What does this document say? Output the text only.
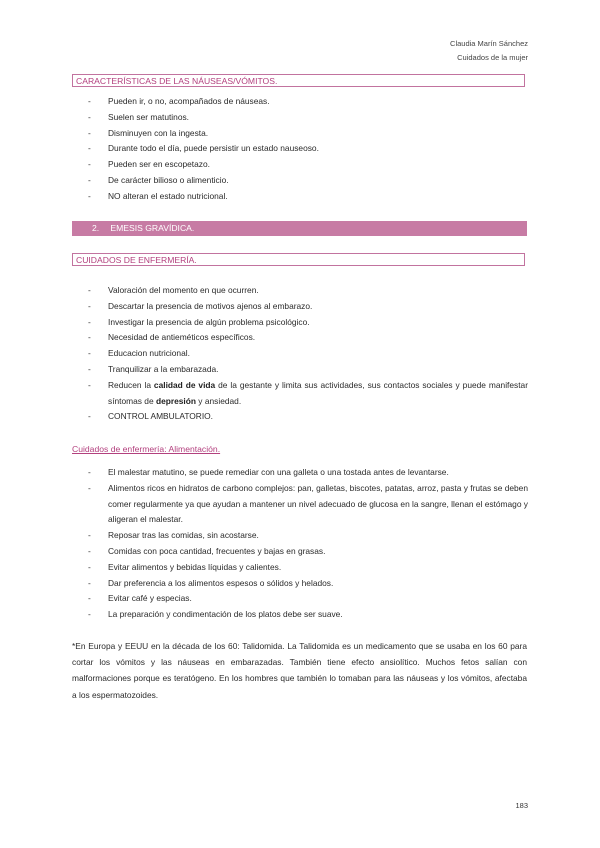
Claudia Marín Sánchez
Cuidados de la mujer
CARACTERÍSTICAS DE LAS NÁUSEAS/VÓMITOS.
- Pueden ir, o no, acompañados de náuseas.
- Suelen ser matutinos.
- Disminuyen con la ingesta.
- Durante todo el día, puede persistir un estado nauseoso.
- Pueden ser en escopetazo.
- De carácter bilioso o alimenticio.
- NO alteran el estado nutricional.
2. EMESIS GRAVÍDICA.
CUIDADOS DE ENFERMERÍA.
- Valoración del momento en que ocurren.
- Descartar la presencia de motivos ajenos al embarazo.
- Investigar la presencia de algún problema psicológico.
- Necesidad de antieméticos específicos.
- Educacion nutricional.
- Tranquilizar a la embarazada.
- Reducen la calidad de vida de la gestante y limita sus actividades, sus contactos sociales y puede manifestar síntomas de depresión y ansiedad.
- CONTROL AMBULATORIO.
Cuidados de enfermería: Alimentación.
- El malestar matutino, se puede remediar con una galleta o una tostada antes de levantarse.
- Alimentos ricos en hidratos de carbono complejos: pan, galletas, biscotes, patatas, arroz, pasta y frutas se deben comer regularmente ya que ayudan a mantener un nivel adecuado de glucosa en la sangre, llenan el estómago y aligeran el malestar.
- Reposar tras las comidas, sin acostarse.
- Comidas con poca cantidad, frecuentes y bajas en grasas.
- Evitar alimentos y bebidas líquidas y calientes.
- Dar preferencia a los alimentos espesos o sólidos y helados.
- Evitar café y especias.
- La preparación y condimentación de los platos debe ser suave.

*En Europa y EEUU en la década de los 60: Talidomida. La Talidomida es un medicamento que se usaba en los 60 para cortar los vómitos y las náuseas en embarazadas. También tiene efecto ansiolítico. Muchos fetos salían con malformaciones porque es teratógeno. En los hombres que también lo tomaban para las náuseas y los vómitos, afectaba a los espermatozoides.

183
